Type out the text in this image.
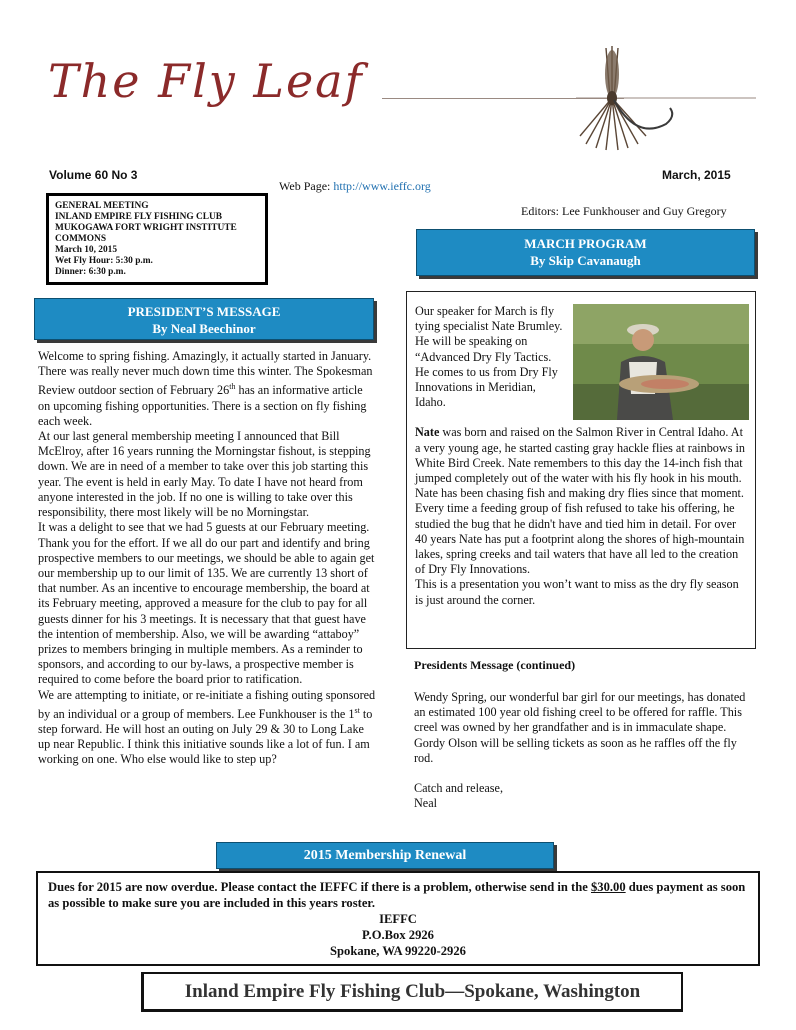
The Fly Leaf
Volume 60 No 3	March, 2015
Web Page: http://www.ieffc.org
Editors: Lee Funkhouser and Guy Gregory
GENERAL MEETING
INLAND EMPIRE FLY FISHING CLUB
MUKOGAWA FORT WRIGHT INSTITUTE
COMMONS
March 10, 2015
Wet Fly Hour: 5:30 p.m.
Dinner: 6:30 p.m.
MARCH PROGRAM
By Skip Cavanaugh
PRESIDENT’S MESSAGE
By Neal Beechinor

Welcome to spring fishing. Amazingly, it actually started in January. There was really never much down time this winter. The Spokesman Review outdoor section of February 26th has an informative article on upcoming fishing opportunities. There is a section on fly fishing each week.

At our last general membership meeting I announced that Bill McElroy, after 16 years running the Morningstar fishout, is stepping down. We are in need of a member to take over this job starting this year. The event is held in early May. To date I have not heard from anyone interested in the job. If no one is willing to take over this responsibility, there most likely will be no Morningstar.

It was a delight to see that we had 5 guests at our February meeting. Thank you for the effort. If we all do our part and identify and bring prospective members to our meetings, we should be able to again get our membership up to our limit of 135. We are currently 13 short of that number. As an incentive to encourage membership, the board at its February meeting, approved a measure for the club to pay for all guests dinner for his 3 meetings. It is necessary that that guest have the intention of membership. Also, we will be awarding “attaboy” prizes to members bringing in multiple members. As a reminder to sponsors, and according to our by-laws, a prospective member is required to come before the board prior to ratification.

We are attempting to initiate, or re-initiate a fishing outing sponsored by an individual or a group of members. Lee Funkhouser is the 1st to step forward. He will host an outing on July 29 & 30 to Long Lake up near Republic. I think this initiative sounds like a lot of fun. I am working on one. Who else would like to step up?

Our speaker for March is fly tying specialist Nate Brumley. He will be speaking on “Advanced Dry Fly Tactics. He comes to us from Dry Fly Innovations in Meridian, Idaho.

Nate was born and raised on the Salmon River in Central Idaho. At a very young age, he started casting gray hackle flies at rainbows in White Bird Creek. Nate remembers to this day the 14-inch fish that jumped completely out of the water with his fly hook in his mouth. Nate has been chasing fish and making dry flies since that moment. Every time a feeding group of fish refused to take his offering, he studied the bug that he didn't have and tied him in detail. For over 40 years Nate has put a footprint along the shores of high-mountain lakes, spring creeks and tail waters that have all led to the creation of Dry Fly Innovations.

This is a presentation you won’t want to miss as the dry fly season is just around the corner.

Presidents Message (continued)

Wendy Spring, our wonderful bar girl for our meetings, has donated an estimated 100 year old fishing creel to be offered for raffle. This creel was owned by her grandfather and is in immaculate shape. Gordy Olson will be selling tickets as soon as he raffles off the fly rod.

Catch and release,

Neal

2015 Membership Renewal
Dues for 2015 are now overdue. Please contact the IEFFC if there is a problem, otherwise send in the $30.00 dues payment as soon as possible to make sure you are included in this years roster.
IEFFC
P.O.Box 2926
Spokane, WA 99220-2926
Inland Empire Fly Fishing Club—Spokane, Washington
